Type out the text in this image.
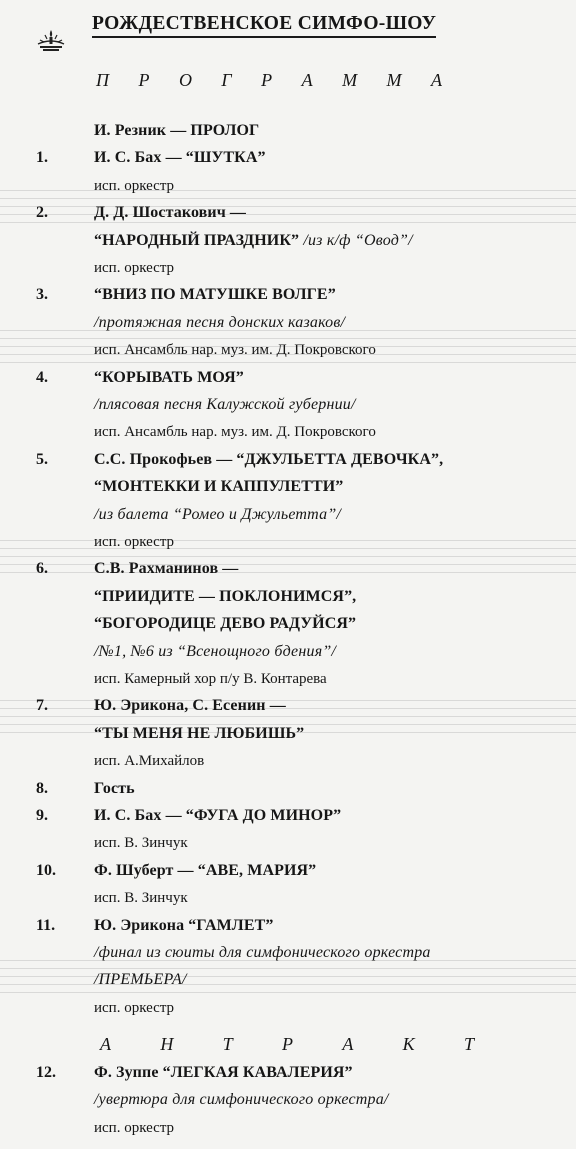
РОЖДЕСТВЕНСКОЕ СИМФО-ШОУ
П Р О Г Р А М М А
И. Резник — ПРОЛОГ
1.	И. С. Бах — “ШУТКА”
исп. оркестр
2.	Д. Д. Шостакович —
“НАРОДНЫЙ ПРАЗДНИК” /из к/ф “Овод”/
исп. оркестр
3.	“ВНИЗ ПО МАТУШКЕ ВОЛГЕ”
/протяжная песня донских казаков/
исп. Ансамбль нар. муз. им. Д. Покровского
4.	“КОРЫВАТЬ МОЯ”
/плясовая песня Калужской губернии/
исп. Ансамбль нар. муз. им. Д. Покровского
5.	С.С. Прокофьев — “ДЖУЛЬЕТТА ДЕВОЧКА”,
“МОНТЕККИ И КАППУЛЕТТИ”
/из балета “Ромео и Джульетта”/
исп. оркестр
6.	С.В. Рахманинов —
“ПРИИДИТЕ — ПОКЛОНИМСЯ”,
“БОГОРОДИЦЕ ДЕВО РАДУЙСЯ”
/№1, №6 из “Всенощного бдения”/
исп. Камерный хор п/у В. Контарева
7.	Ю. Эрикона, С. Есенин —
“ТЫ МЕНЯ НЕ ЛЮБИШЬ”
исп. А.Михайлов
8.	Гость
9.	И. С. Бах — “ФУГА ДО МИНОР”
исп. В. Зинчук
10.	Ф. Шуберт — “АВЕ, МАРИЯ”
исп. В. Зинчук
11.	Ю. Эрикона “ГАМЛЕТ”
/финал из сюиты для симфонического оркестра
/ПРЕМЬЕРА/
исп. оркестр
А	Н	Т	Р	А	К	Т
12.	Ф. Зуппе “ЛЕГКАЯ КАВАЛЕРИЯ”
/увертюра для симфонического оркестра/
исп. оркестр
